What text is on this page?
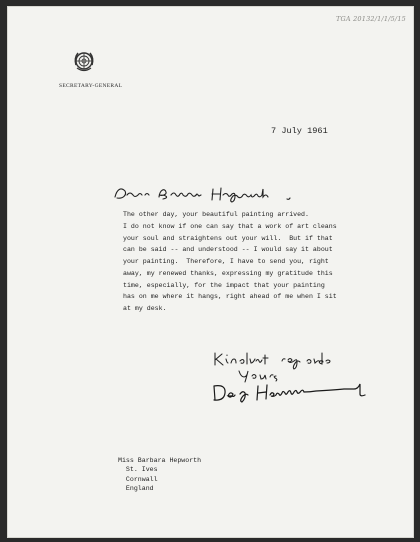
TGA 20132/1/1/5/15
SECRETARY-GENERAL
7 July 1961
The other day, your beautiful painting arrived.
I do not know if one can say that a work of art cleans
your soul and straightens out your will.  But if that
can be said -- and understood -- I would say it about
your painting.  Therefore, I have to send you, right
away, my renewed thanks, expressing my gratitude this
time, especially, for the impact that your painting
has on me where it hangs, right ahead of me when I sit
at my desk.
Miss Barbara Hepworth
St. Ives
Cornwall
England
